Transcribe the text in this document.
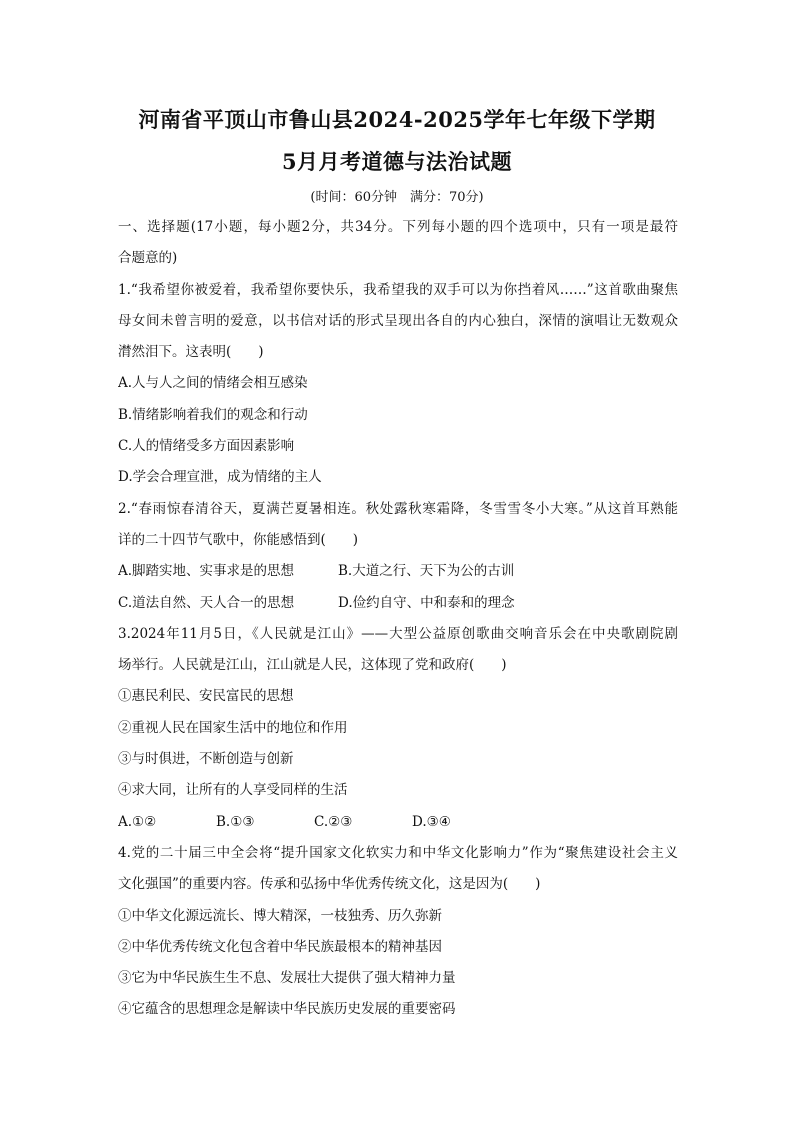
河南省平顶山市鲁山县2024-2025学年七年级下学期
5月月考道德与法治试题
(时间：60分钟　满分：70分)
一、选择题(17小题，每小题2分，共34分。下列每小题的四个选项中，只有一项是最符
合题意的)
1.“我希望你被爱着，我希望你要快乐，我希望我的双手可以为你挡着风……”这首歌曲聚焦
母女间未曾言明的爱意，以书信对话的形式呈现出各自的内心独白，深情的演唱让无数观众
潸然泪下。这表明(　　)
A.人与人之间的情绪会相互感染
B.情绪影响着我们的观念和行动
C.人的情绪受多方面因素影响
D.学会合理宣泄，成为情绪的主人
2.“春雨惊春清谷天，夏满芒夏暑相连。秋处露秋寒霜降，冬雪雪冬小大寒。”从这首耳熟能
详的二十四节气歌中，你能感悟到(　　)
A.脚踏实地、实事求是的思想	B.大道之行、天下为公的古训
C.道法自然、天人合一的思想	D.俭约自守、中和泰和的理念
3.2024年11月5日，《人民就是江山》——大型公益原创歌曲交响音乐会在中央歌剧院剧
场举行。人民就是江山，江山就是人民，这体现了党和政府(　　)
①惠民利民、安民富民的思想
②重视人民在国家生活中的地位和作用
③与时俱进，不断创造与创新
④求大同，让所有的人享受同样的生活
A.①②	B.①③	C.②③	D.③④
4.党的二十届三中全会将“提升国家文化软实力和中华文化影响力”作为“聚焦建设社会主义
文化强国”的重要内容。传承和弘扬中华优秀传统文化，这是因为(　　)
①中华文化源远流长、博大精深，一枝独秀、历久弥新
②中华优秀传统文化包含着中华民族最根本的精神基因
③它为中华民族生生不息、发展壮大提供了强大精神力量
④它蕴含的思想理念是解读中华民族历史发展的重要密码
